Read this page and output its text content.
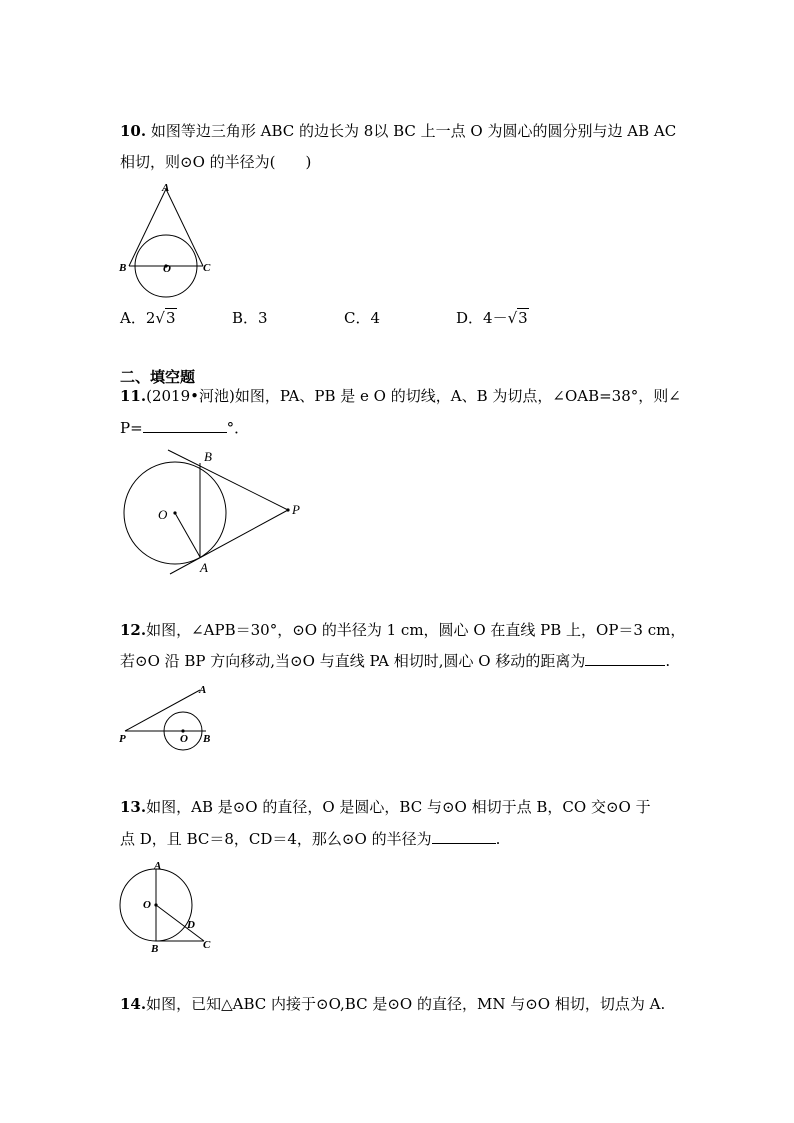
10. 如图等边三角形 ABC 的边长为 8以 BC 上一点 O 为圆心的圆分别与边 AB AC
相切，则⊙O 的半径为(　　)
A
B	O	C
A．2√3	B．3	C．4	D．4－√3
二、填空题
11.(2019•河池)如图，PA、PB 是 e O 的切线，A、B 为切点，∠OAB=38°，则∠
P=	°．
B
O	P
A
12.如图，∠APB＝30°，⊙O 的半径为 1 cm，圆心 O 在直线 PB 上，OP＝3 cm，
若⊙O 沿 BP 方向移动,当⊙O 与直线 PA 相切时,圆心 O 移动的距离为	.
A
P	O B
13.如图，AB 是⊙O 的直径，O 是圆心，BC 与⊙O 相切于点 B，CO 交⊙O 于
点 D，且 BC＝8，CD＝4，那么⊙O 的半径为	.
A
O
D
B	C
14.如图，已知△ABC 内接于⊙O,BC 是⊙O 的直径，MN 与⊙O 相切，切点为 A.
